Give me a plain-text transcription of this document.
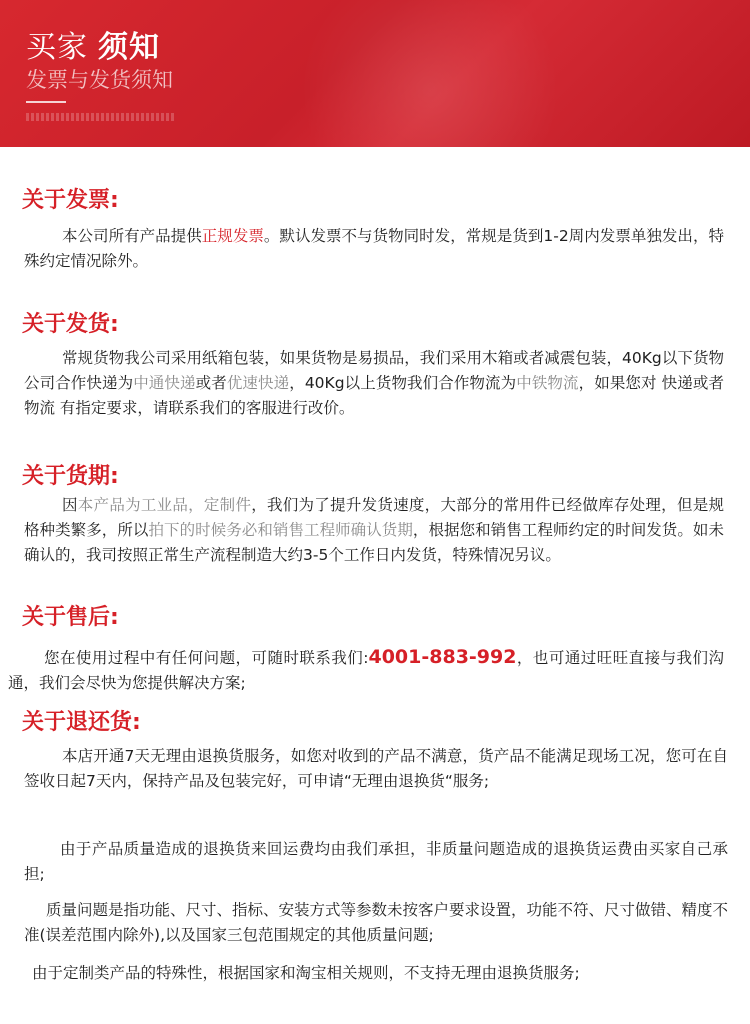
买家 须知
发票与发货须知
关于发票:
本公司所有产品提供正规发票。默认发票不与货物同时发，常规是货到1-2周内发票单独发出，特殊约定情况除外。
关于发货:
常规货物我公司采用纸箱包装，如果货物是易损品，我们采用木箱或者减震包装，40Kg以下货物公司合作快递为中通快递或者优速快递，40Kg以上货物我们合作物流为中铁物流，如果您对 快递或者物流 有指定要求，请联系我们的客服进行改价。
关于货期:
因本产品为工业品，定制件，我们为了提升发货速度，大部分的常用件已经做库存处理，但是规格种类繁多，所以拍下的时候务必和销售工程师确认货期，根据您和销售工程师约定的时间发货。如未确认的，我司按照正常生产流程制造大约3-5个工作日内发货，特殊情况另议。
关于售后:
您在使用过程中有任何问题，可随时联系我们:4001-883-992，也可通过旺旺直接与我们沟通，我们会尽快为您提供解决方案;
关于退还货:
本店开通7天无理由退换货服务，如您对收到的产品不满意，货产品不能满足现场工况，您可在自签收日起7天内，保持产品及包装完好，可申请“无理由退换货“服务;
由于产品质量造成的退换货来回运费均由我们承担，非质量问题造成的退换货运费由买家自己承担;
质量问题是指功能、尺寸、指标、安装方式等参数未按客户要求设置，功能不符、尺寸做错、精度不准(误差范围内除外),以及国家三包范围规定的其他质量问题;
由于定制类产品的特殊性，根据国家和淘宝相关规则，不支持无理由退换货服务;
